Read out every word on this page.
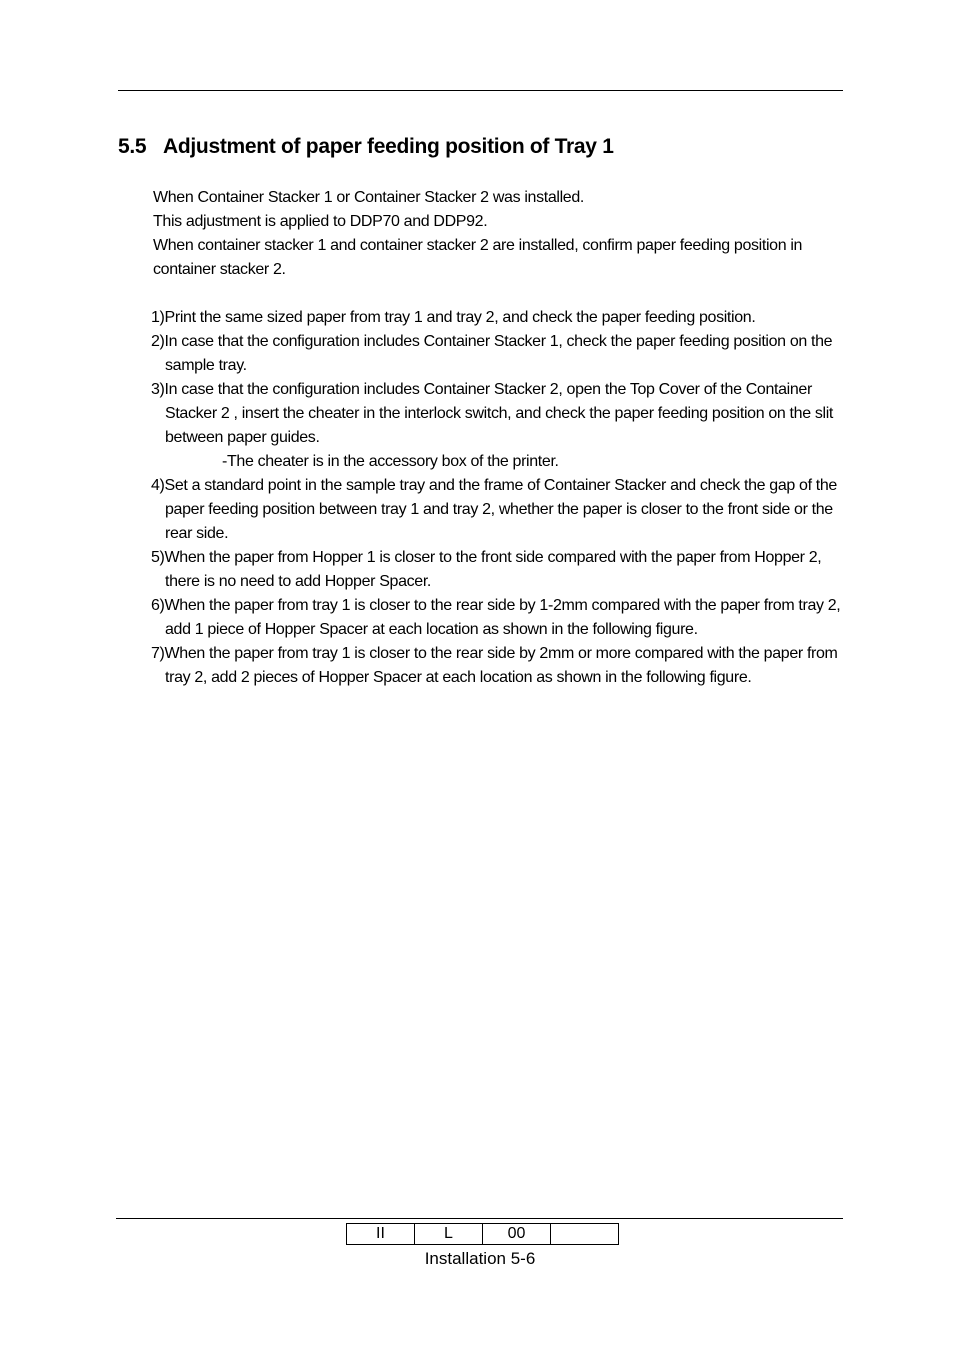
5.5 Adjustment of paper feeding position of Tray 1

When Container Stacker 1 or Container Stacker 2 was installed.

This adjustment is applied to DDP70 and DDP92.

When container stacker 1 and container stacker 2 are installed, confirm paper feeding position in container stacker 2.

1)Print the same sized paper from tray 1 and tray 2, and check the paper feeding position.
2)In case that the configuration includes Container Stacker 1, check the paper feeding position on the sample tray.
3)In case that the configuration includes Container Stacker 2, open the Top Cover of the Container Stacker 2 , insert the cheater in the interlock switch, and check the paper feeding position on the slit between paper guides.
-The cheater is in the accessory box of the printer.
4)Set a standard point in the sample tray and the frame of Container Stacker and check the gap of the paper feeding position between tray 1 and tray 2, whether the paper is closer to the front side or the rear side.
5)When the paper from Hopper 1 is closer to the front side compared with the paper from Hopper 2, there is no need to add Hopper Spacer.
6)When the paper from tray 1 is closer to the rear side by 1-2mm compared with the paper from tray 2, add 1 piece of Hopper Spacer at each location as shown in the following figure.
7)When the paper from tray 1 is closer to the rear side by 2mm or more compared with the paper from tray 2, add 2 pieces of Hopper Spacer at each location as shown in the following figure.
II	L	00	
Installation 5-6
